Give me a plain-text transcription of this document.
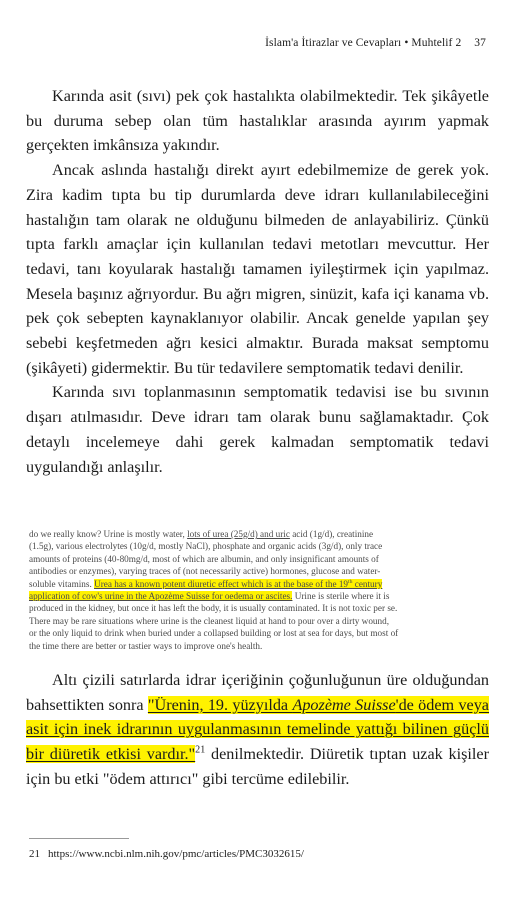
İslam'a İtirazlar ve Cevapları • Muhtelif 2 37

Karında asit (sıvı) pek çok hastalıkta olabilmektedir. Tek şikâyetle bu duruma sebep olan tüm hastalıklar arasında ayırım yapmak gerçekten imkânsıza yakındır.

Ancak aslında hastalığı direkt ayırt edebilmemize de gerek yok. Zira kadim tıpta bu tip durumlarda deve idrarı kullanılabileceğini hastalığın tam olarak ne olduğunu bilmeden de anlayabiliriz. Çünkü tıpta farklı amaçlar için kullanılan tedavi metotları mevcuttur. Her tedavi, tanı koyularak hastalığı tamamen iyileştirmek için yapılmaz. Mesela başınız ağrıyordur. Bu ağrı migren, sinüzit, kafa içi kanama vb. pek çok sebepten kaynaklanıyor olabilir. Ancak genelde yapılan şey sebebi keşfetmeden ağrı kesici almaktır. Burada maksat semptomu (şikâyeti) gidermektir. Bu tür tedavilere semptomatik tedavi denilir.

Karında sıvı toplanmasının semptomatik tedavisi ise bu sıvının dışarı atılmasıdır. Deve idrarı tam olarak bunu sağlamaktadır. Çok detaylı incelemeye dahi gerek kalmadan semptomatik tedavi uygulandığı anlaşılır.

do we really know? Urine is mostly water, lots of urea (25g/d) and uric acid (1g/d), creatinine
(1.5g), various electrolytes (10g/d, mostly NaCl), phosphate and organic acids (3g/d), only trace
amounts of proteins (40-80mg/d, most of which are albumin, and only insignificant amounts of
antibodies or enzymes), varying traces of (not necessarily active) hormones, glucose and water-
soluble vitamins. Urea has a known potent diuretic effect which is at the base of the 19th century
application of cow's urine in the Apozème Suisse for oedema or ascites. Urine is sterile where it is
produced in the kidney, but once it has left the body, it is usually contaminated. It is not toxic per se.
There may be rare situations where urine is the cleanest liquid at hand to pour over a dirty wound,
or the only liquid to drink when buried under a collapsed building or lost at sea for days, but most of
the time there are better or tastier ways to improve one's health.

Altı çizili satırlarda idrar içeriğinin çoğunluğunun üre olduğundan bahsettikten sonra "Ürenin, 19. yüzyılda Apozème Suisse'de ödem veya asit için inek idrarının uygulanmasının temelinde yattığı bilinen güçlü bir diüretik etkisi vardır."$^{21}$ denilmektedir. Diüretik tıptan uzak kişiler için bu etki "ödem attırıcı" gibi tercüme edilebilir.

21 https://www.ncbi.nlm.nih.gov/pmc/articles/PMC3032615/
